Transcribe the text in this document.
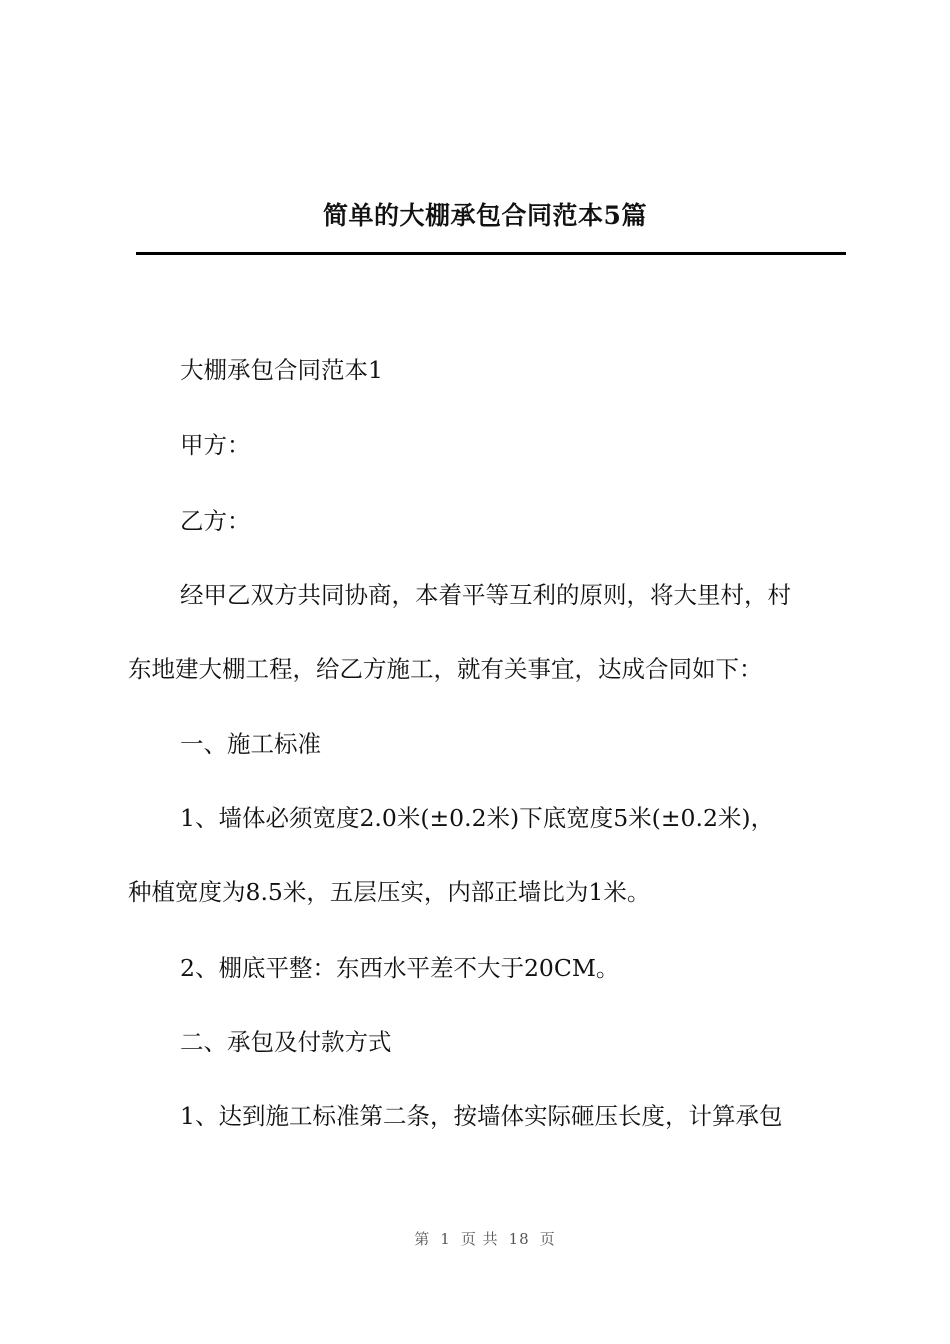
简单的大棚承包合同范本5篇

大棚承包合同范本1

甲方：

乙方：

经甲乙双方共同协商，本着平等互利的原则，将大里村，村

东地建大棚工程，给乙方施工，就有关事宜，达成合同如下：

一、施工标准

1、墙体必须宽度2.0米(±0.2米)下底宽度5米(±0.2米)，

种植宽度为8.5米，五层压实，内部正墙比为1米。

2、棚底平整：东西水平差不大于20CM。

二、承包及付款方式

1、达到施工标准第二条，按墙体实际砸压长度，计算承包

第 1 页 共 18 页
